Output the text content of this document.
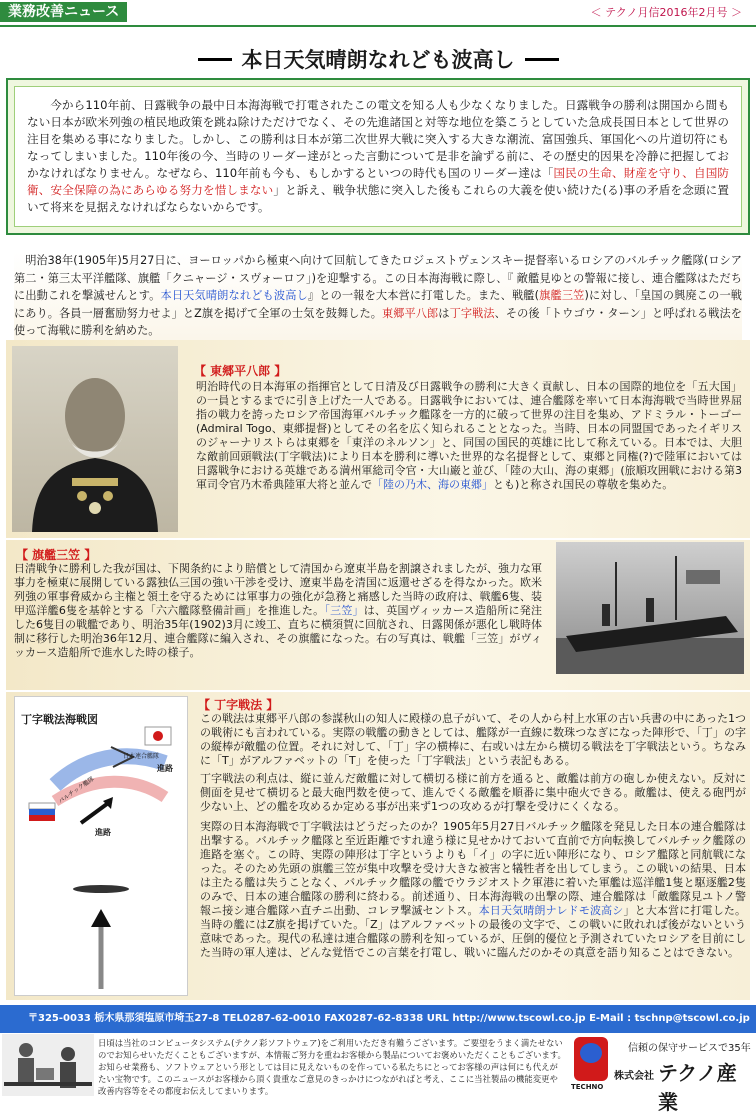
業務改善ニュース	＜ テクノ月信2016年2月号 ＞
本日天気晴朗なれども波高し
今から110年前、日露戦争の最中日本海海戦で打電されたこの電文を知る人も少なくなりました。日露戦争の勝利は開国から間もない日本が欧米列強の植民地政策を跳ね除けただけでなく、その先進諸国と対等な地位を築こうとしていた急成長国日本として世界の注目を集める事になりました。しかし、この勝利は日本が第二次世界大戦に突入する大きな潮流、富国強兵、軍国化への片道切符にもなってしまいました。110年後の今、当時のリーダー達がとった言動について是非を論ずる前に、その歴史的因果を冷静に把握しておかなければなりません。なぜなら、110年前も今も、もしかするといつの時代も国のリーダー達は「国民の生命、財産を守り、自国防衛、安全保障の為にあらゆる努力を惜しまない」と訴え、戦争状態に突入した後もこれらの大義を使い続けた(る)事の矛盾を念頭に置いて将来を見据えなければならないからです。
明治38年(1905年)5月27日に、ヨーロッパから極東へ向けて回航してきたロジェストヴェンスキー提督率いるロシアのバルチック艦隊(ロシア第二・第三太平洋艦隊、旗艦「クニャージ・スヴォーロフ」)を迎撃する。この日本海海戦に際し、『 敵艦見ゆとの警報に接し、連合艦隊はただちに出動これを撃滅せんとす。本日天気晴朗なれども波高し』との一報を大本営に打電した。また、戦艦(旗艦三笠)に対し、「皇国の興廃この一戦にあり。各員一層奮励努力せよ」とZ旗を掲げて全軍の士気を鼓舞した。東郷平八郎は丁字戦法、その後「トウゴウ・ターン」と呼ばれる戦法を使って海戦に勝利を納めた。
【 東郷平八郎 】
明治時代の日本海軍の指揮官として日清及び日露戦争の勝利に大きく貢献し、日本の国際的地位を「五大国」の一員とするまでに引き上げた一人である。日露戦争においては、連合艦隊を率いて日本海海戦で当時世界屈指の戦力を誇ったロシア帝国海軍バルチック艦隊を一方的に破って世界の注目を集め、アドミラル・トーゴー(Admiral Togo、東郷提督)としてその名を広く知られることとなった。当時、日本の同盟国であったイギリスのジャーナリストらは東郷を「東洋のネルソン」と、同国の国民的英雄に比して称えている。日本では、大胆な敵前回頭戦法(丁字戦法)により日本を勝利に導いた世界的な名提督として、東郷と同権(?)で陸軍においては日露戦争における英雄である満州軍総司令官・大山巌と並び、「陸の大山、海の東郷」(旅順攻囲戦における第3軍司令官乃木希典陸軍大将と並んで「陸の乃木、海の東郷」とも)と称され国民の尊敬を集めた。
【 旗艦三笠 】
日清戦争に勝利した我が国は、下関条約により賠償として清国から遼東半島を割譲されましたが、強力な軍事力を極東に展開している露独仏三国の強い干渉を受け、遼東半島を清国に返還せざるを得なかった。欧米列強の軍事脅威から主権と領土を守るためには軍事力の強化が急務と痛感した当時の政府は、戦艦6隻、装甲巡洋艦6隻を基幹とする「六六艦隊整備計画」を推進した。「三笠」は、英国ヴィッカース造船所に発注した6隻目の戦艦であり、明治35年(1902)3月に竣工、直ちに横須賀に回航され、日露関係が悪化し戦時体制に移行した明治36年12月、連合艦隊に編入され、その旗艦になった。右の写真は、戦艦「三笠」がヴィッカース造船所で進水した時の様子。
丁字戦法海戦図
日本連合艦隊
バルチック艦隊
進路
進路
【 丁字戦法 】
この戦法は東郷平八郎の参謀秋山の知人に殿様の息子がいて、その人から村上水軍の古い兵書の中にあった1つの戦術にも言われている。実際の戦艦の動きとしては、艦隊が一直線に数珠つなぎになった陣形で、「丁」の字の縦棒が敵艦の位置。それに対して、「丁」字の横棒に、右或いは左から横切る戦法を丁字戦法という。ちなみに「T」がアルファベットの「T」を使った「丁字戦法」という表記もある。
丁字戦法の利点は、縦に並んだ敵艦に対して横切る様に前方を通ると、敵艦は前方の砲しか使えない。反対に側面を見せて横切ると最大砲門数を使って、進んでくる敵艦を順番に集中砲火できる。敵艦は、使える砲門が少ない上、どの艦を攻めるか定める事が出来ず1つの攻めるが打撃を受けにくくなる。
実際の日本海海戦で丁字戦法はどうだったのか？1905年5月27日バルチック艦隊を発見した日本の連合艦隊は出撃する。バルチック艦隊と至近距離ですれ違う様に見せかけておいて直前で方向転換してバルチック艦隊の進路を塞ぐ。この時、実際の陣形は丁字というよりも「イ」の字に近い陣形になり、ロシア艦隊と同航戦になった。そのため先頭の旗艦三笠が集中攻撃を受け大きな被害と犠牲者を出してしまう。この戦いの結果、日本は主たる艦は失うことなく、バルチック艦隊の艦でウラジオストク軍港に着いた軍艦は巡洋艦1隻と駆逐艦2隻のみで、日本の連合艦隊の勝利に終わる。前述通り、日本海海戦の出撃の際、連合艦隊は「敵艦隊見ユトノ警報ニ接シ連合艦隊ハ直チニ出動、コレヲ撃滅セントス。本日天気晴朗ナレドモ波高シ」と大本営に打電した。当時の艦にはZ旗を掲げていた。「Z」はアルファベットの最後の文字で、この戦いに敗れれば後がないという意味であった。現代の私達は連合艦隊の勝利を知っているが、圧倒的優位と予測されていたロシアを目前にした当時の軍人達は、どんな覚悟でこの言葉を打電し、戦いに臨んだのかその真意を語り知ることはできない。
〒325-0033 栃木県那須塩原市埼玉27-8 TEL0287-62-0010 FAX0287-62-8338 URL http://www.tscowl.co.jp E-Mail : tschnp@tscowl.co.jp
日頃は当社のコンピュータシステム(テクノ彩ソフトウェア)をご利用いただき有難うございます。ご要望をうまく満たせないのでお知らせいただくこともございますが、本情報ご努力を重ねお客様から製品についてお褒めいただくこともございます。お知らせ業務も、ソフトウェアという形としては目に見えないものを作っている私たちにとってお客様の声は何にも代えがたい宝物です。このニュースがお客様から頂く貴重なご意見のきっかけにつながればと考え、ここに当社製品の機能変更や改善内容等をその都度お伝えしてまいります。	TECHNO
信頼の保守サービスで35年
株式会社 テクノ産業
